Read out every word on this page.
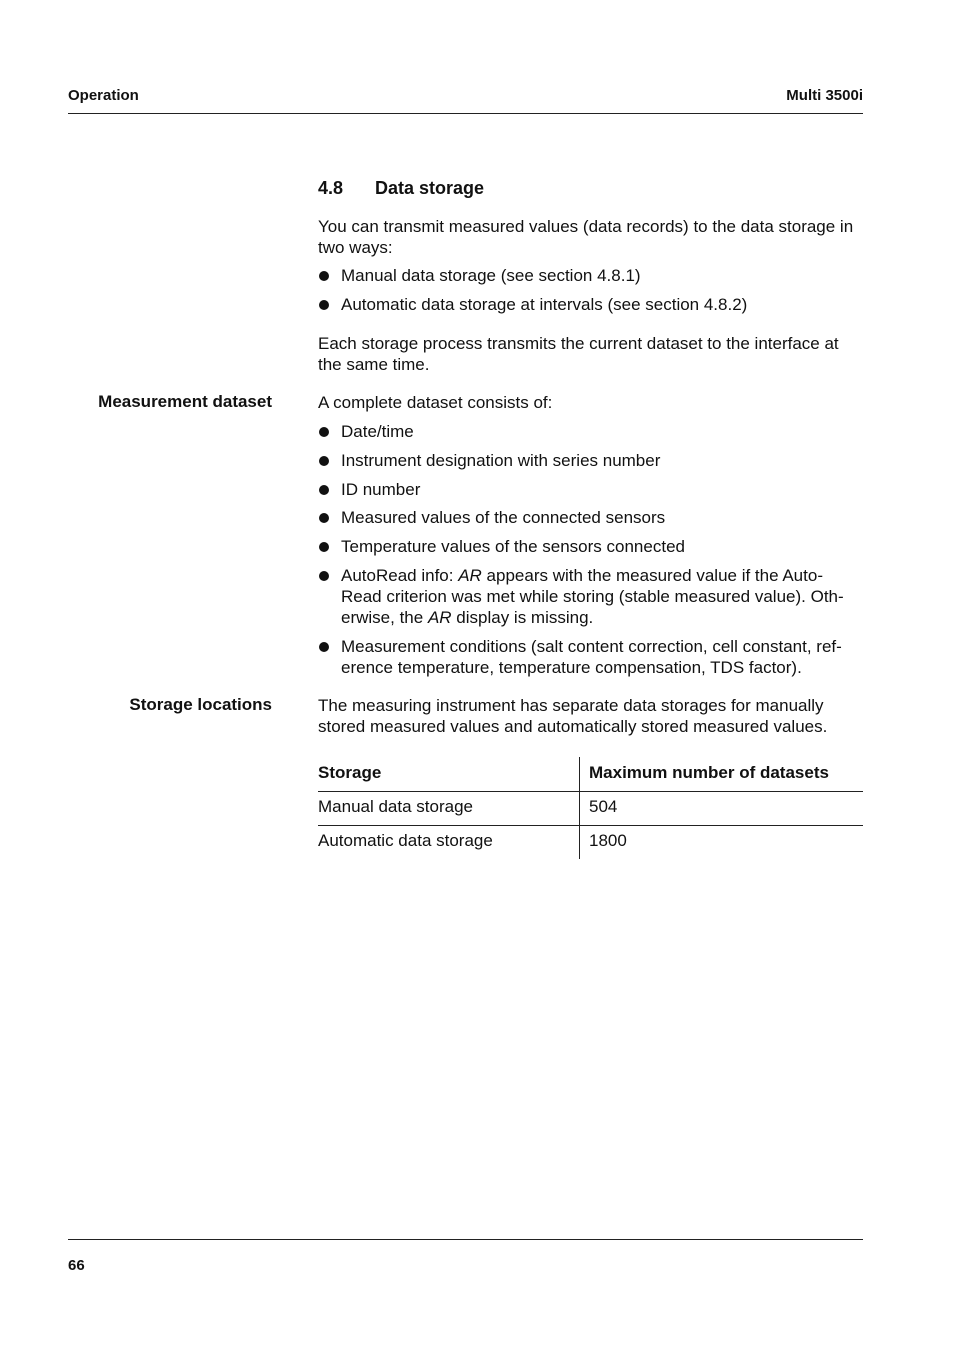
Operation	Multi 3500i
4.8 Data storage
You can transmit measured values (data records) to the data storage in two ways:
Manual data storage (see section 4.8.1)
Automatic data storage at intervals (see section 4.8.2)
Each storage process transmits the current dataset to the interface at the same time.
Measurement dataset	A complete dataset consists of:
Date/time
Instrument designation with series number
ID number
Measured values of the connected sensors
Temperature values of the sensors connected
AutoRead info: AR appears with the measured value if the Auto-Read criterion was met while storing (stable measured value). Oth-erwise, the AR display is missing.
Measurement conditions (salt content correction, cell constant, ref-erence temperature, temperature compensation, TDS factor).
Storage locations	The measuring instrument has separate data storages for manually stored measured values and automatically stored measured values.
Storage	Maximum number of datasets
Manual data storage	504
Automatic data storage	1800
66
